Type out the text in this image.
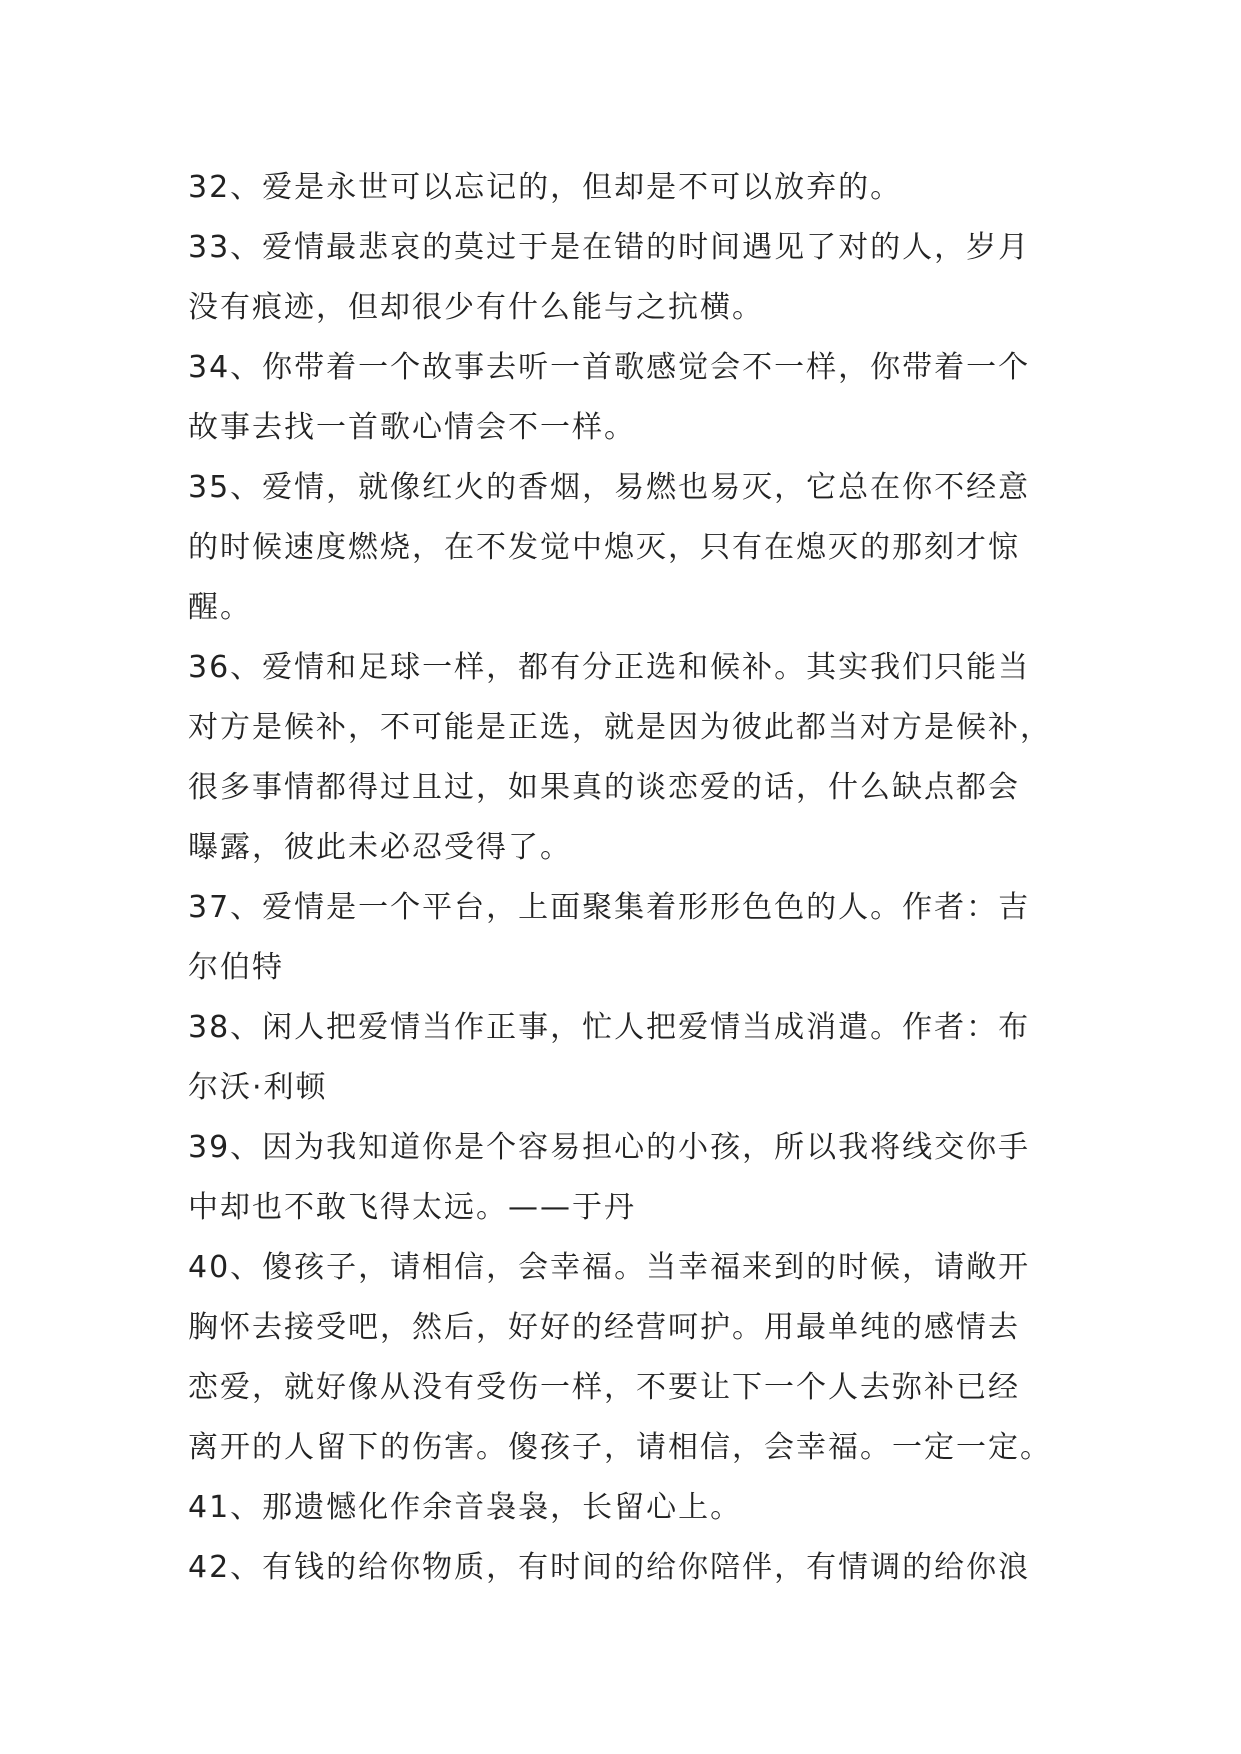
32、爱是永世可以忘记的，但却是不可以放弃的。
33、爱情最悲哀的莫过于是在错的时间遇见了对的人，岁月
没有痕迹，但却很少有什么能与之抗横。
34、你带着一个故事去听一首歌感觉会不一样，你带着一个
故事去找一首歌心情会不一样。
35、爱情，就像红火的香烟，易燃也易灭，它总在你不经意
的时候速度燃烧，在不发觉中熄灭，只有在熄灭的那刻才惊
醒。
36、爱情和足球一样，都有分正选和候补。其实我们只能当
对方是候补，不可能是正选，就是因为彼此都当对方是候补，
很多事情都得过且过，如果真的谈恋爱的话，什么缺点都会
曝露，彼此未必忍受得了。
37、爱情是一个平台，上面聚集着形形色色的人。作者：吉
尔伯特
38、闲人把爱情当作正事，忙人把爱情当成消遣。作者：布
尔沃·利顿
39、因为我知道你是个容易担心的小孩，所以我将线交你手
中却也不敢飞得太远。——于丹
40、傻孩子，请相信，会幸福。当幸福来到的时候，请敞开
胸怀去接受吧，然后，好好的经营呵护。用最单纯的感情去
恋爱，就好像从没有受伤一样，不要让下一个人去弥补已经
离开的人留下的伤害。傻孩子，请相信，会幸福。一定一定。
41、那遗憾化作余音袅袅，长留心上。
42、有钱的给你物质，有时间的给你陪伴，有情调的给你浪
